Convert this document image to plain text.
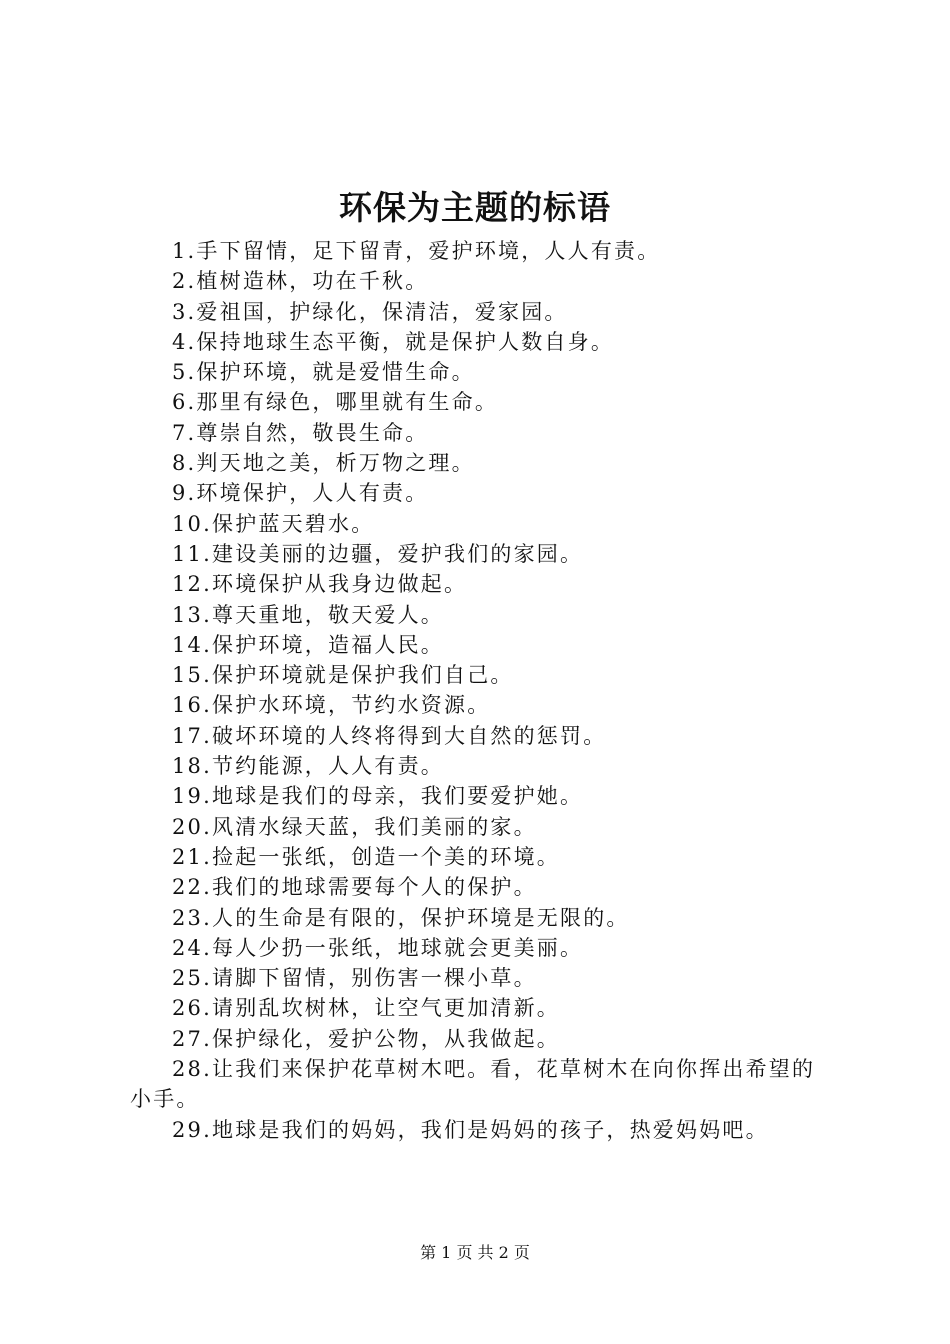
环保为主题的标语
1.手下留情，足下留青，爱护环境，人人有责。
2.植树造林，功在千秋。
3.爱祖国，护绿化，保清洁，爱家园。
4.保持地球生态平衡，就是保护人数自身。
5.保护环境，就是爱惜生命。
6.那里有绿色，哪里就有生命。
7.尊崇自然，敬畏生命。
8.判天地之美，析万物之理。
9.环境保护，人人有责。
10.保护蓝天碧水。
11.建设美丽的边疆，爱护我们的家园。
12.环境保护从我身边做起。
13.尊天重地，敬天爱人。
14.保护环境，造福人民。
15.保护环境就是保护我们自己。
16.保护水环境，节约水资源。
17.破坏环境的人终将得到大自然的惩罚。
18.节约能源，人人有责。
19.地球是我们的母亲，我们要爱护她。
20.风清水绿天蓝，我们美丽的家。
21.捡起一张纸，创造一个美的环境。
22.我们的地球需要每个人的保护。
23.人的生命是有限的，保护环境是无限的。
24.每人少扔一张纸，地球就会更美丽。
25.请脚下留情，别伤害一棵小草。
26.请别乱坎树林，让空气更加清新。
27.保护绿化，爱护公物，从我做起。
28.让我们来保护花草树木吧。看，花草树木在向你挥出希望的小手。
29.地球是我们的妈妈，我们是妈妈的孩子，热爱妈妈吧。
第 1 页 共 2 页
